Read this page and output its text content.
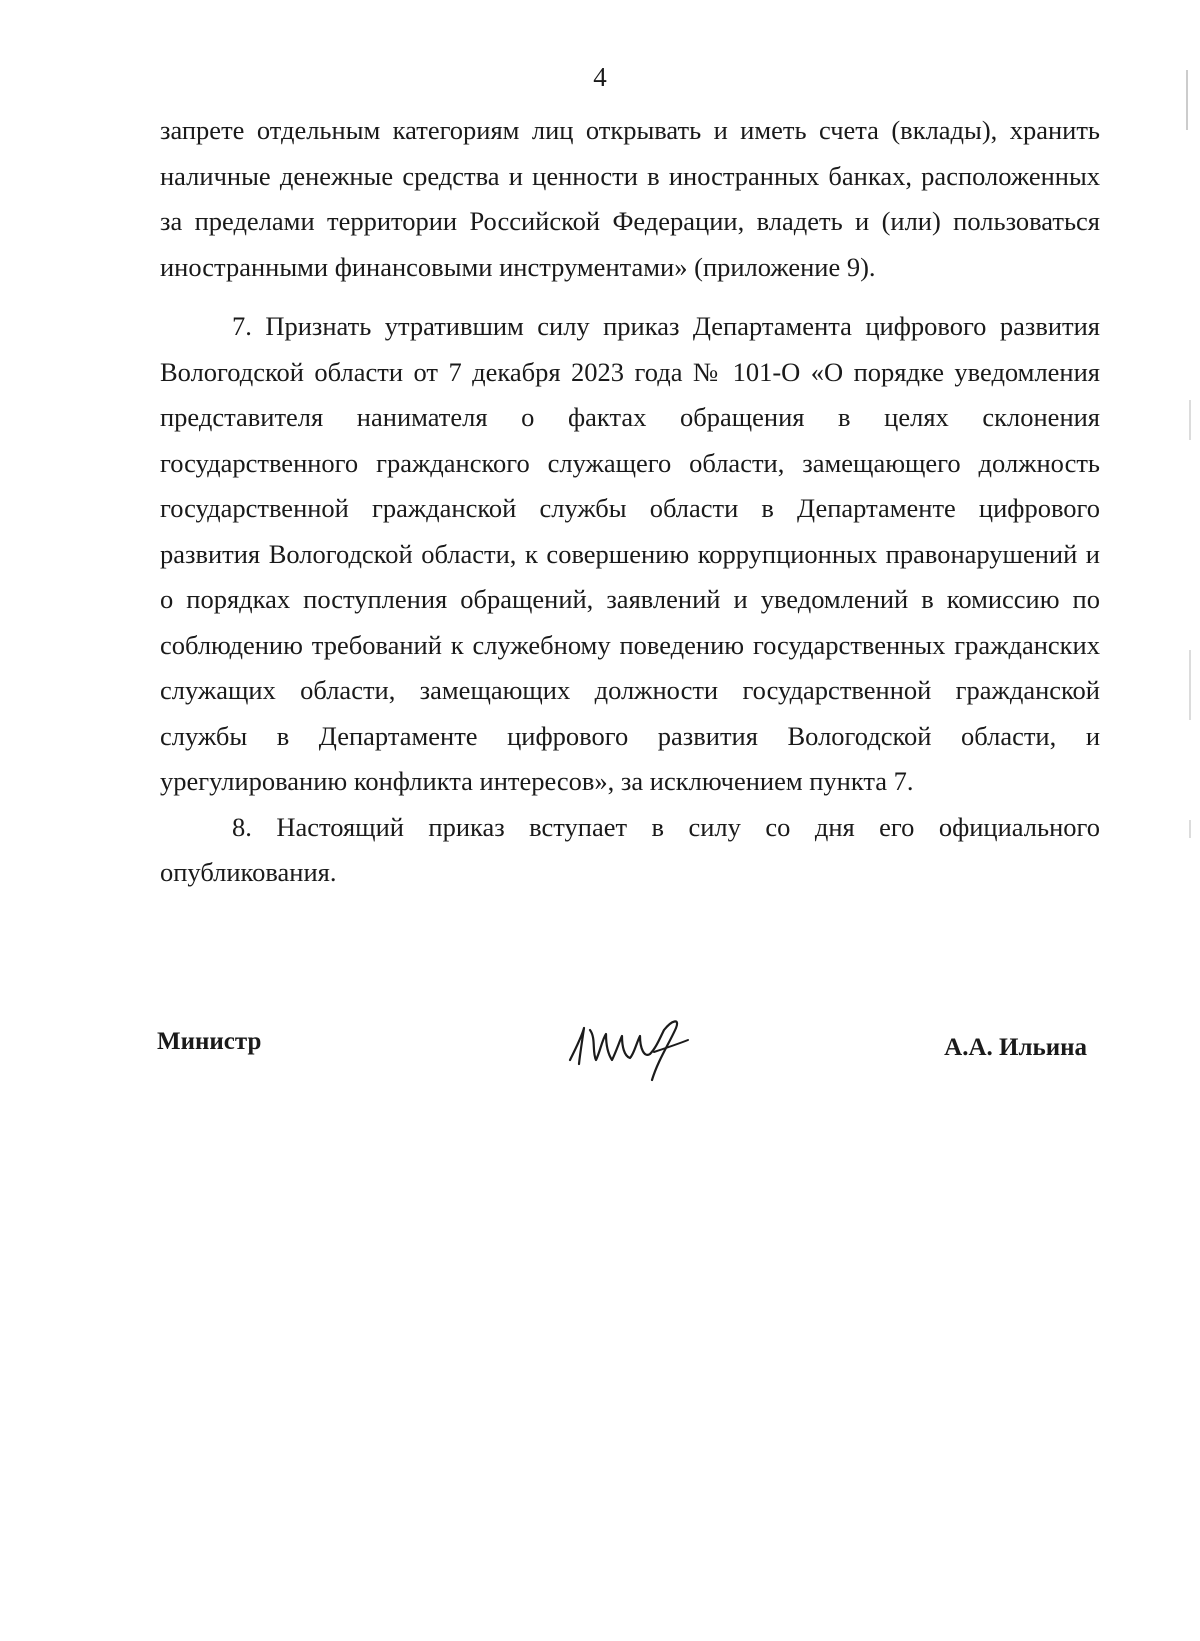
4

запрете отдельным категориям лиц открывать и иметь счета (вклады), хранить наличные денежные средства и ценности в иностранных банках, расположенных за пределами территории Российской Федерации, владеть и (или) пользоваться иностранными финансовыми инструментами» (приложение 9).

7. Признать утратившим силу приказ Департамента цифрового развития Вологодской области от 7 декабря 2023 года № 101-О «О порядке уведомления представителя нанимателя о фактах обращения в целях склонения государственного гражданского служащего области, замещающего должность государственной гражданской службы области в Департаменте цифрового развития Вологодской области, к совершению коррупционных правонарушений и о порядках поступления обращений, заявлений и уведомлений в комиссию по соблюдению требований к служебному поведению государственных гражданских служащих области, замещающих должности государственной гражданской службы в Департаменте цифрового развития Вологодской области, и урегулированию конфликта интересов», за исключением пункта 7.

8. Настоящий приказ вступает в силу со дня его официального опубликования.

Министр	А.А. Ильина
